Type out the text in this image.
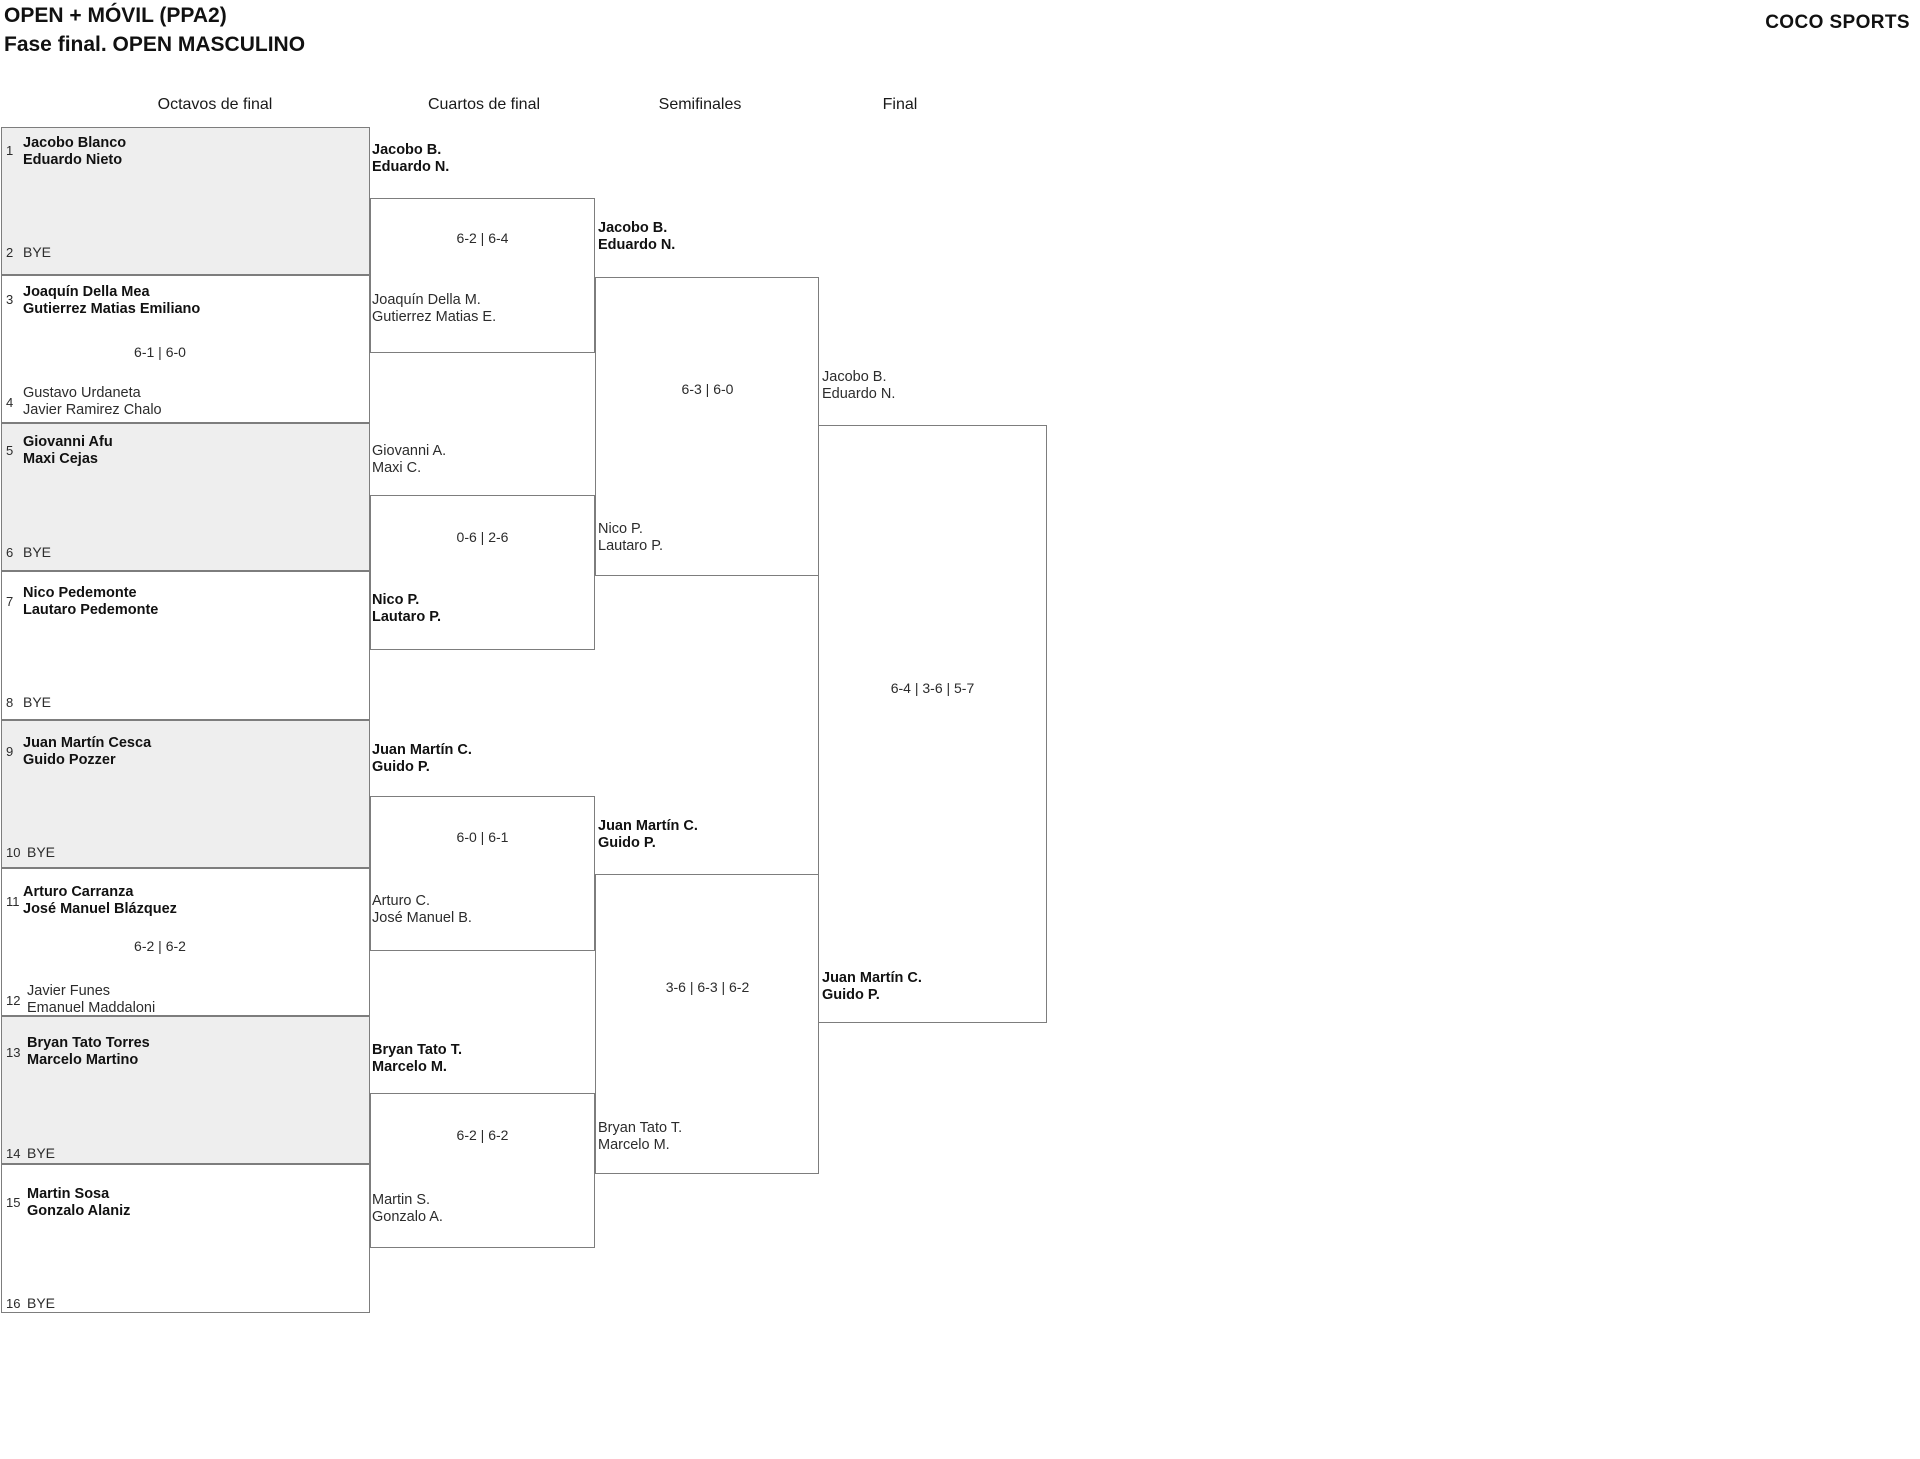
OPEN + MÓVIL (PPA2)
Fase final. OPEN MASCULINO
COCO SPORTS
Octavos de final	Cuartos de final	Semifinales	Final
1 Jacobo Blanco
Eduardo Nieto
2 BYE
3 Joaquín Della Mea
Gutierrez Matias Emiliano
6-1 | 6-0
4
Gustavo Urdaneta
Javier Ramirez Chalo
5
Giovanni Afu
Maxi Cejas
6 BYE
7
Nico Pedemonte
Lautaro Pedemonte
8 BYE
9
Juan Martín Cesca
Guido Pozzer
10 BYE
11
Arturo Carranza
José Manuel Blázquez
6-2 | 6-2
12
Javier Funes
Emanuel Maddaloni
13
Bryan Tato Torres
Marcelo Martino
14 BYE
15
Martin Sosa
Gonzalo Alaniz
16 BYE
Jacobo B.
Eduardo N.
6-2 | 6-4
Joaquín Della M.
Gutierrez Matias E.
Giovanni A.
Maxi C.
0-6 | 2-6
Nico P.
Lautaro P.
Juan Martín C.
Guido P.
6-0 | 6-1
Arturo C.
José Manuel B.
Bryan Tato T.
Marcelo M.
6-2 | 6-2
Martin S.
Gonzalo A.
Jacobo B.
Eduardo N.
6-3 | 6-0
Nico P.
Lautaro P.
Juan Martín C.
Guido P.
3-6 | 6-3 | 6-2
Bryan Tato T.
Marcelo M.
Jacobo B.
Eduardo N.
6-4 | 3-6 | 5-7
Juan Martín C.
Guido P.
